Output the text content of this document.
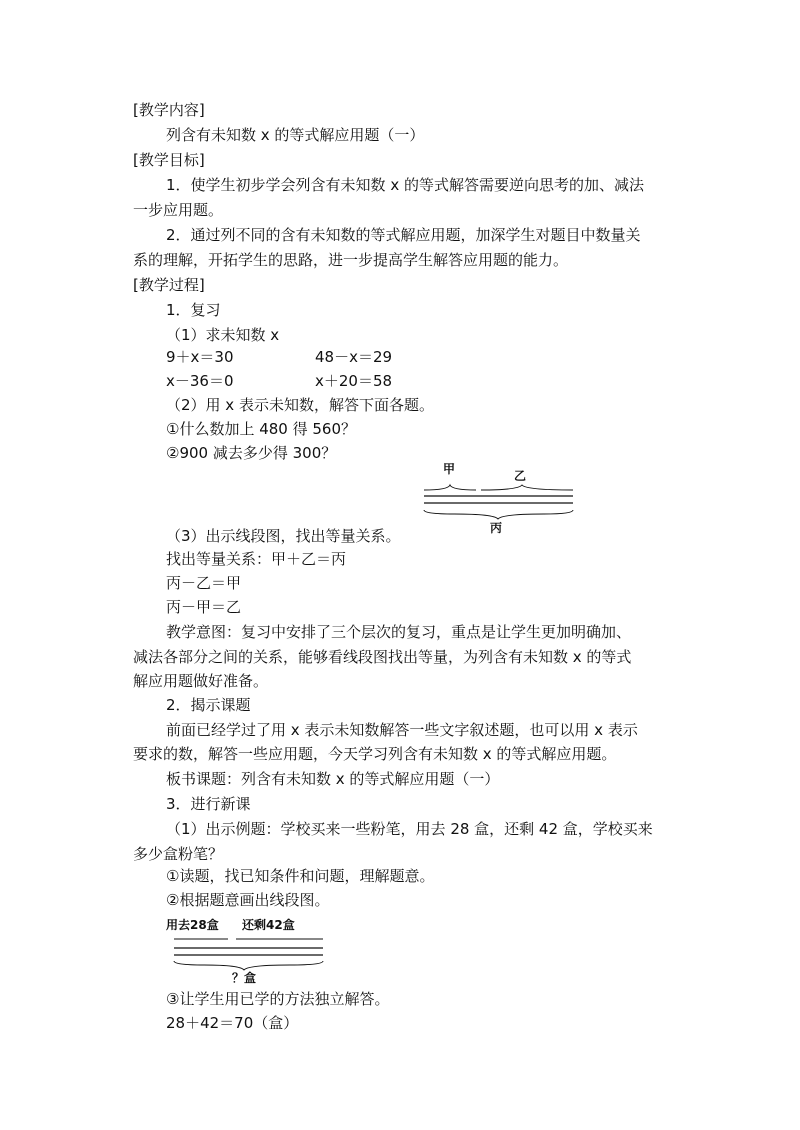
[教学内容]
列含有未知数 x 的等式解应用题（一）
[教学目标]
1．使学生初步学会列含有未知数 x 的等式解答需要逆向思考的加、减法
一步应用题。
2．通过列不同的含有未知数的等式解应用题，加深学生对题目中数量关
系的理解，开拓学生的思路，进一步提高学生解答应用题的能力。
[教学过程]
1．复习
（1）求未知数 x
9＋x＝30	48－x＝29
x－36＝0	x＋20＝58
（2）用 x 表示未知数，解答下面各题。
①什么数加上 480 得 560？
②900 减去多少得 300？
甲	乙
丙
（3）出示线段图，找出等量关系。
找出等量关系：甲＋乙＝丙
丙－乙＝甲
丙－甲＝乙
教学意图：复习中安排了三个层次的复习，重点是让学生更加明确加、
减法各部分之间的关系，能够看线段图找出等量，为列含有未知数 x 的等式
解应用题做好准备。
2．揭示课题
前面已经学过了用 x 表示未知数解答一些文字叙述题，也可以用 x 表示
要求的数，解答一些应用题，今天学习列含有未知数 x 的等式解应用题。
板书课题：列含有未知数 x 的等式解应用题（一）
3．进行新课
（1）出示例题：学校买来一些粉笔，用去 28 盒，还剩 42 盒，学校买来
多少盒粉笔？
①读题，找已知条件和问题，理解题意。
②根据题意画出线段图。
用去28盒 还剩42盒
？盒
③让学生用已学的方法独立解答。
28＋42＝70（盒）
